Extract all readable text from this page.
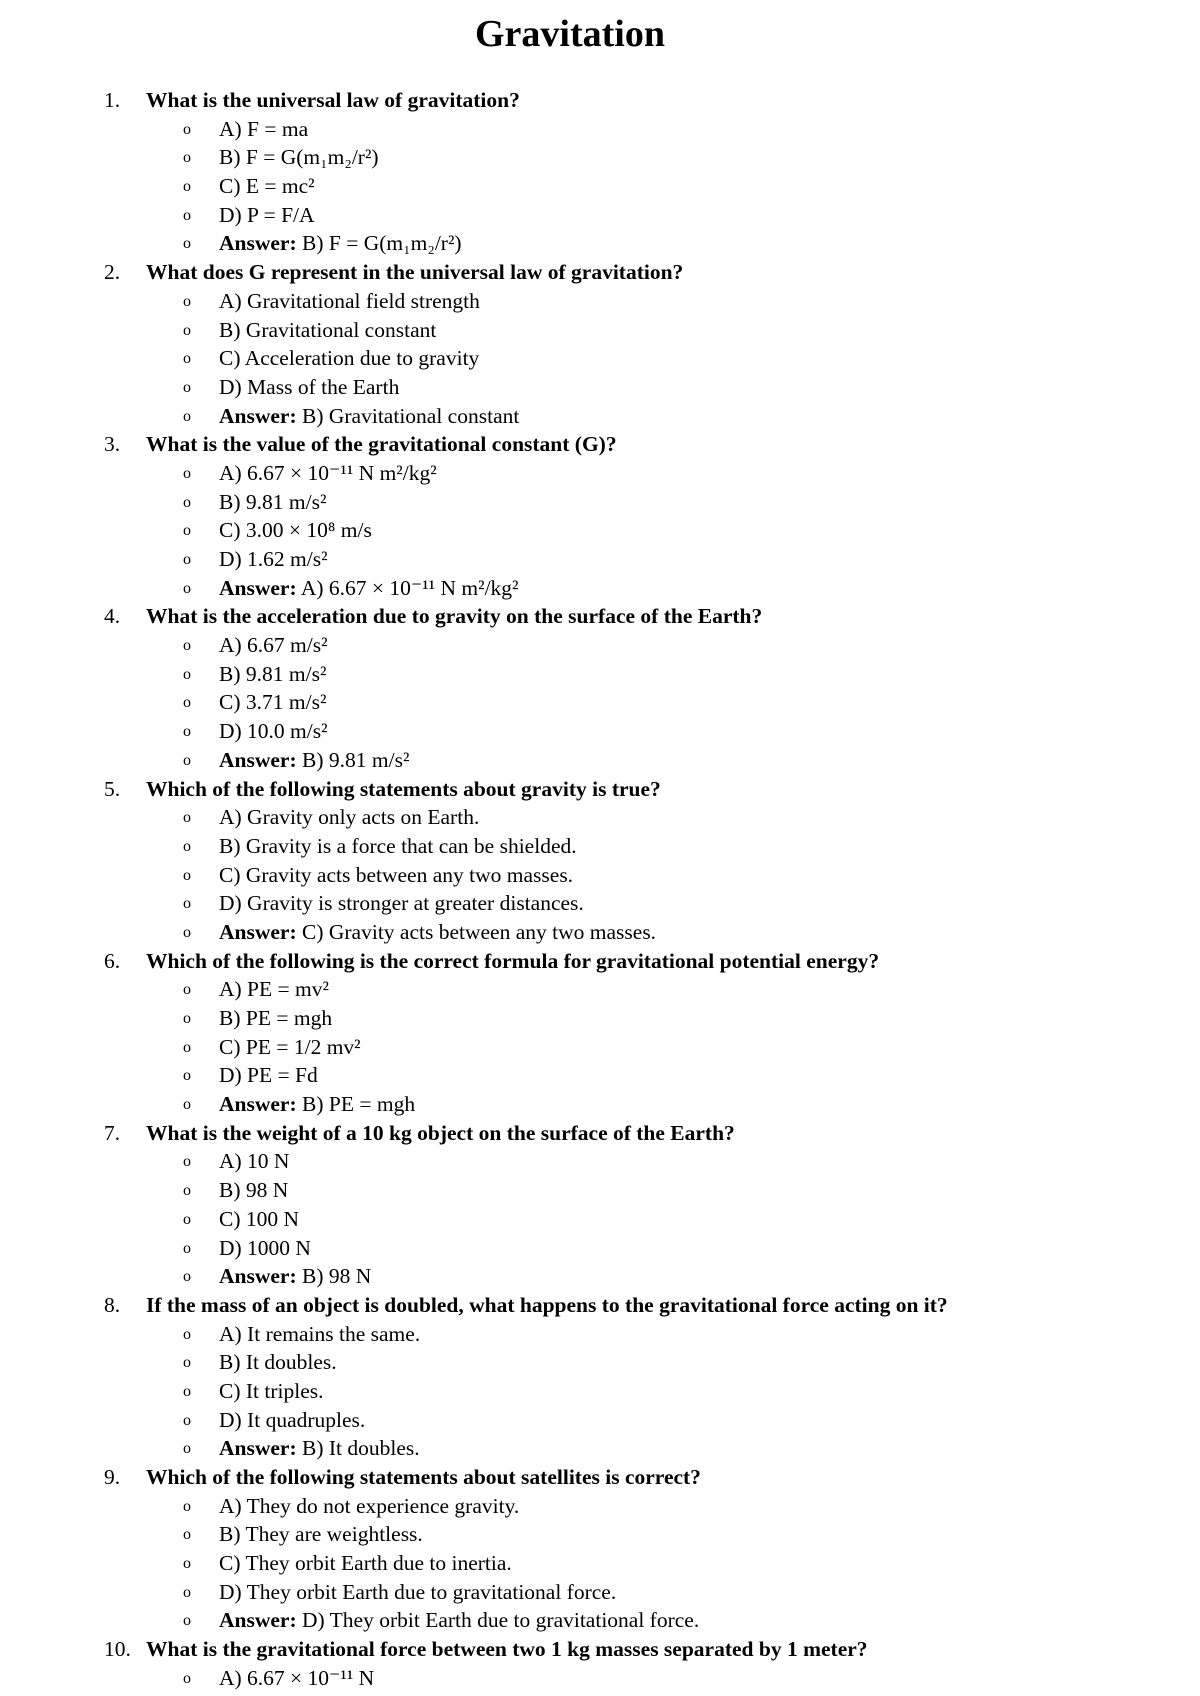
Gravitation
1.	What is the universal law of gravitation?
o A) F = ma
o B) F = G(m₁m₂/r²)
o C) E = mc²
o D) P = F/A
o Answer: B) F = G(m₁m₂/r²)
2.	What does G represent in the universal law of gravitation?
o A) Gravitational field strength
o B) Gravitational constant
o C) Acceleration due to gravity
o D) Mass of the Earth
o Answer: B) Gravitational constant
3.	What is the value of the gravitational constant (G)?
o A) 6.67 × 10⁻¹¹ N m²/kg²
o B) 9.81 m/s²
o C) 3.00 × 10⁸ m/s
o D) 1.62 m/s²
o Answer: A) 6.67 × 10⁻¹¹ N m²/kg²
4.	What is the acceleration due to gravity on the surface of the Earth?
o A) 6.67 m/s²
o B) 9.81 m/s²
o C) 3.71 m/s²
o D) 10.0 m/s²
o Answer: B) 9.81 m/s²
5.	Which of the following statements about gravity is true?
o A) Gravity only acts on Earth.
o B) Gravity is a force that can be shielded.
o C) Gravity acts between any two masses.
o D) Gravity is stronger at greater distances.
o Answer: C) Gravity acts between any two masses.
6.	Which of the following is the correct formula for gravitational potential energy?
o A) PE = mv²
o B) PE = mgh
o C) PE = 1/2 mv²
o D) PE = Fd
o Answer: B) PE = mgh
7.	What is the weight of a 10 kg object on the surface of the Earth?
o A) 10 N
o B) 98 N
o C) 100 N
o D) 1000 N
o Answer: B) 98 N
8.	If the mass of an object is doubled, what happens to the gravitational force acting on it?
o A) It remains the same.
o B) It doubles.
o C) It triples.
o D) It quadruples.
o Answer: B) It doubles.
9.	Which of the following statements about satellites is correct?
o A) They do not experience gravity.
o B) They are weightless.
o C) They orbit Earth due to inertia.
o D) They orbit Earth due to gravitational force.
o Answer: D) They orbit Earth due to gravitational force.
10. What is the gravitational force between two 1 kg masses separated by 1 meter?
o A) 6.67 × 10⁻¹¹ N
